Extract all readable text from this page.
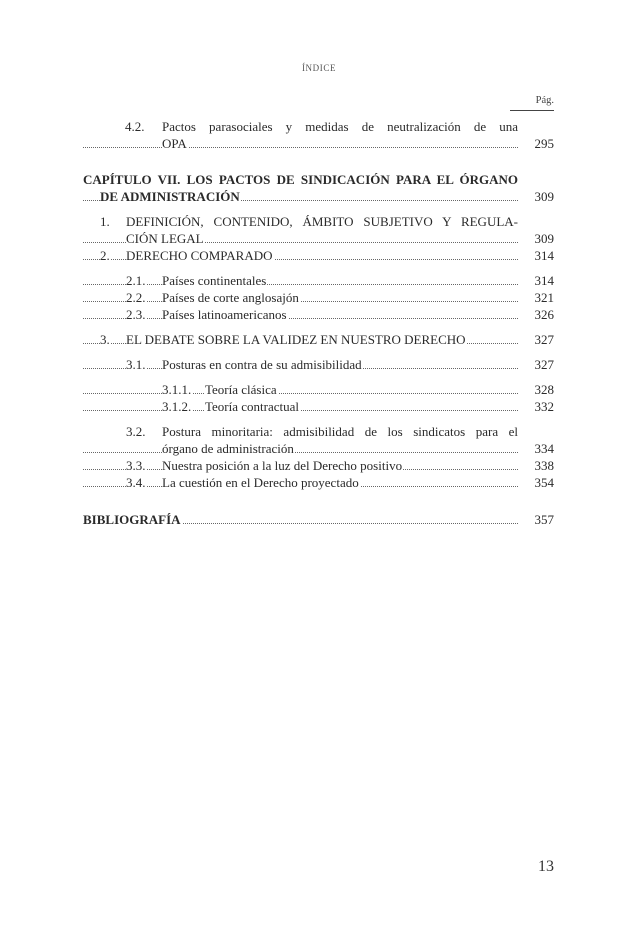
ÍNDICE
Pág.
4.2. Pactos parasociales y medidas de neutralización de una
OPA	295
CAPÍTULO VII. LOS PACTOS DE SINDICACIÓN PARA EL ÓRGANO
DE ADMINISTRACIÓN	309
1. DEFINICIÓN, CONTENIDO, ÁMBITO SUBJETIVO Y REGULA-
CIÓN LEGAL	309
2. DERECHO COMPARADO	314
2.1. Países continentales	314
2.2. Países de corte anglosajón	321
2.3. Países latinoamericanos	326
3. EL DEBATE SOBRE LA VALIDEZ EN NUESTRO DERECHO	327
3.1. Posturas en contra de su admisibilidad	327
3.1.1. Teoría clásica	328
3.1.2. Teoría contractual	332
3.2. Postura minoritaria: admisibilidad de los sindicatos para el
órgano de administración	334
3.3. Nuestra posición a la luz del Derecho positivo	338
3.4. La cuestión en el Derecho proyectado	354
BIBLIOGRAFÍA	357
13
